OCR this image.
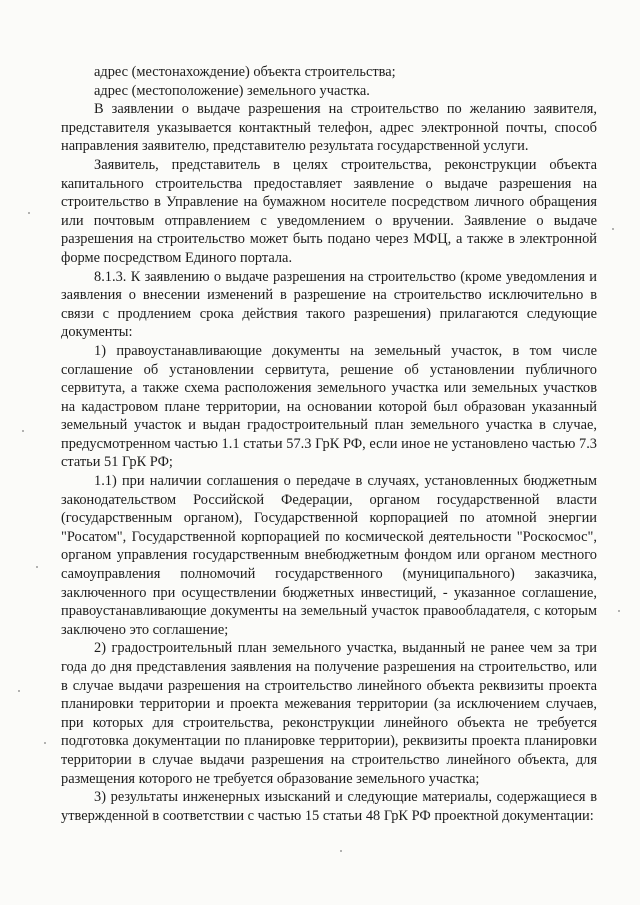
адрес (местонахождение) объекта строительства;

адрес (местоположение) земельного участка.

В заявлении о выдаче разрешения на строительство по желанию заявителя, представителя указывается контактный телефон, адрес электронной почты, способ направления заявителю, представителю результата государственной услуги.

Заявитель, представитель в целях строительства, реконструкции объекта капитального строительства предоставляет заявление о выдаче разрешения на строительство в Управление на бумажном носителе посредством личного обращения или почтовым отправлением с уведомлением о вручении. Заявление о выдаче разрешения на строительство может быть подано через МФЦ, а также в электронной форме посредством Единого портала.

8.1.3. К заявлению о выдаче разрешения на строительство (кроме уведомления и заявления о внесении изменений в разрешение на строительство исключительно в связи с продлением срока действия такого разрешения) прилагаются следующие документы:

1) правоустанавливающие документы на земельный участок, в том числе соглашение об установлении сервитута, решение об установлении публичного сервитута, а также схема расположения земельного участка или земельных участков на кадастровом плане территории, на основании которой был образован указанный земельный участок и выдан градостроительный план земельного участка в случае, предусмотренном частью 1.1 статьи 57.3 ГрК РФ, если иное не установлено частью 7.3 статьи 51 ГрК РФ;

1.1) при наличии соглашения о передаче в случаях, установленных бюджетным законодательством Российской Федерации, органом государственной власти (государственным органом), Государственной корпорацией по атомной энергии "Росатом", Государственной корпорацией по космической деятельности "Роскосмос", органом управления государственным внебюджетным фондом или органом местного самоуправления полномочий государственного (муниципального) заказчика, заключенного при осуществлении бюджетных инвестиций, - указанное соглашение, правоустанавливающие документы на земельный участок правообладателя, с которым заключено это соглашение;

2) градостроительный план земельного участка, выданный не ранее чем за три года до дня представления заявления на получение разрешения на строительство, или в случае выдачи разрешения на строительство линейного объекта реквизиты проекта планировки территории и проекта межевания территории (за исключением случаев, при которых для строительства, реконструкции линейного объекта не требуется подготовка документации по планировке территории), реквизиты проекта планировки территории в случае выдачи разрешения на строительство линейного объекта, для размещения которого не требуется образование земельного участка;

3) результаты инженерных изысканий и следующие материалы, содержащиеся в утвержденной в соответствии с частью 15 статьи 48 ГрК РФ проектной документации:
